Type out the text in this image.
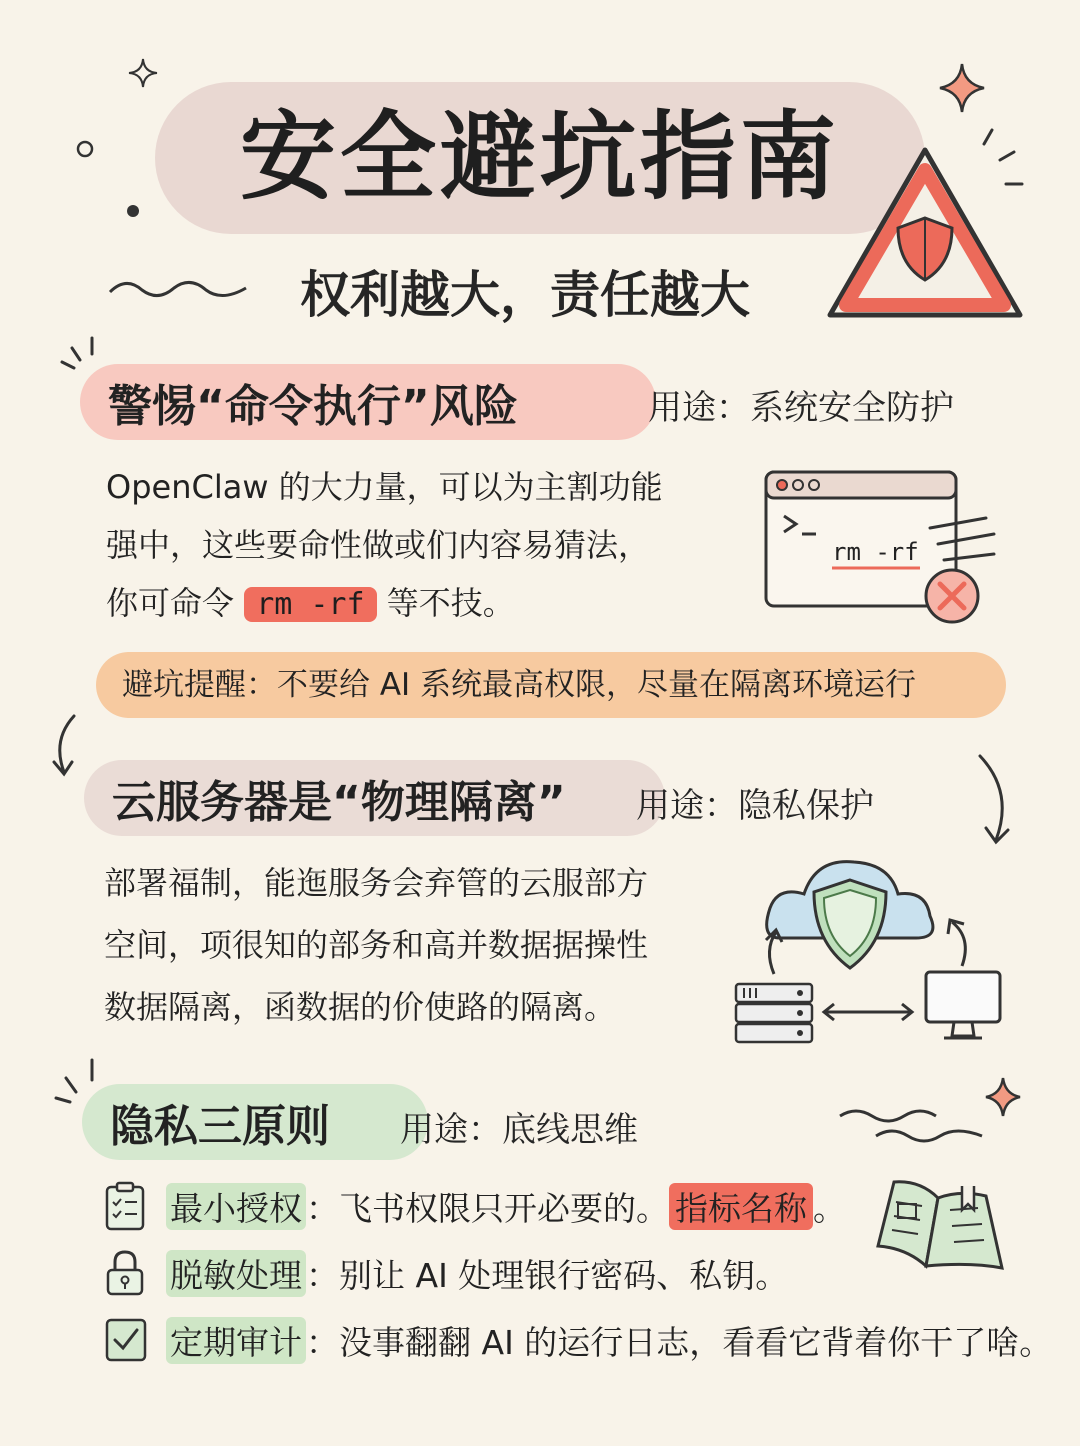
安全避坑指南
权利越大，责任越大
警惕“命令执行”风险	用途：系统安全防护
OpenClaw 的大力量，可以为主割功能
强中，这些要命性做或们内容易猜法，
你可命令 rm -rf 等不技。
rm -rf
避坑提醒：不要给 AI 系统最高权限，尽量在隔离环境运行
云服务器是“物理隔离” 用途：隐私保护
部署福制，能迤服务会弃管的云服部方
空间，项很知的部务和高并数据据操性
数据隔离，函数据的价使路的隔离。
隐私三原则 用途：底线思维
最小授权 ： 飞书权限只开必要的。 指标名称 。
脱敏处理 ： 别让 AI 处理银行密码、私钥。
定期审计 ： 没事翻翻 AI 的运行日志，看看它背着你干了啥。
